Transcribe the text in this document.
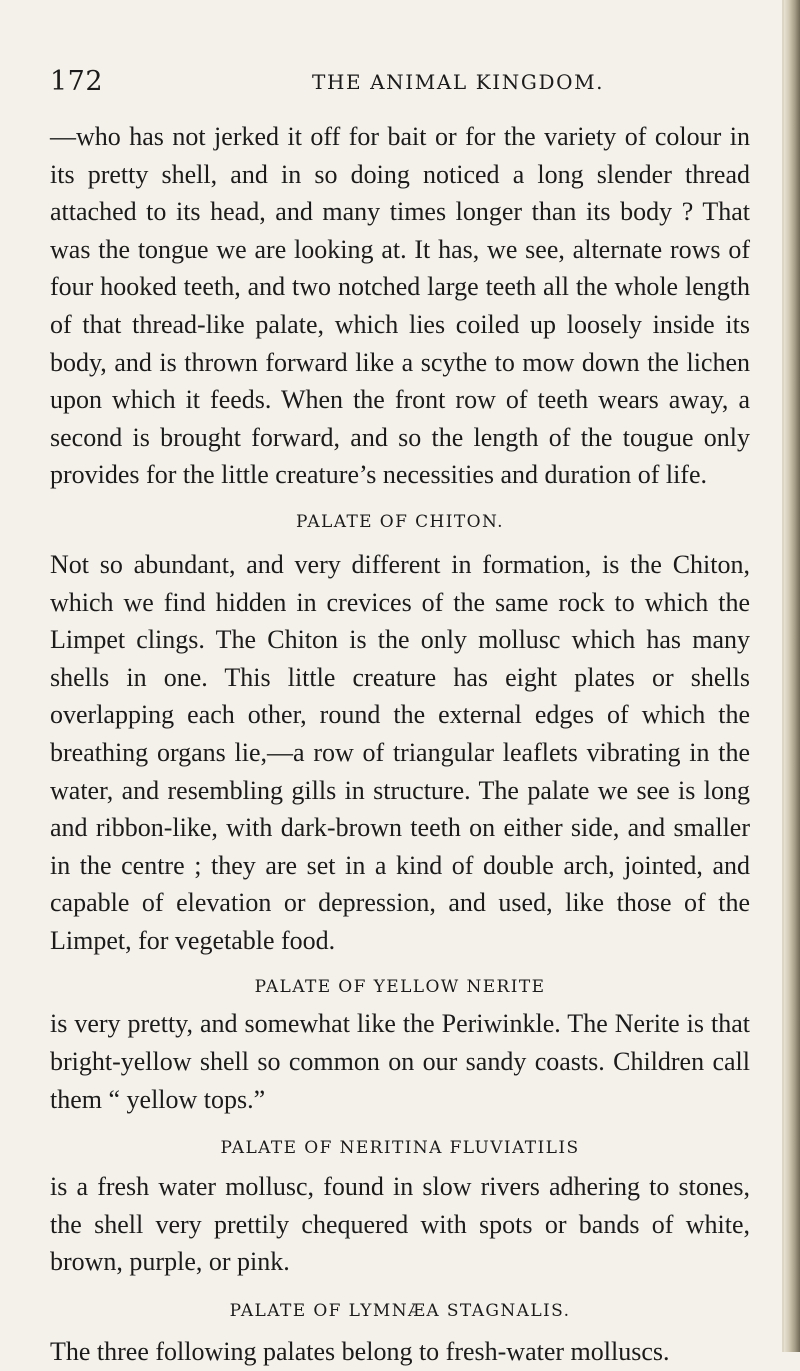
172	THE ANIMAL KINGDOM.

—who has not jerked it off for bait or for the variety of colour in its pretty shell, and in so doing noticed a long slender thread attached to its head, and many times longer than its body ? That was the tongue we are looking at. It has, we see, alternate rows of four hooked teeth, and two notched large teeth all the whole length of that thread-like palate, which lies coiled up loosely inside its body, and is thrown forward like a scythe to mow down the lichen upon which it feeds. When the front row of teeth wears away, a second is brought forward, and so the length of the tougue only provides for the little creature’s necessities and duration of life.

PALATE OF CHITON.

Not so abundant, and very different in formation, is the Chiton, which we find hidden in crevices of the same rock to which the Limpet clings. The Chiton is the only mollusc which has many shells in one. This little creature has eight plates or shells overlapping each other, round the external edges of which the breathing organs lie,—a row of triangular leaflets vibrating in the water, and resembling gills in structure. The palate we see is long and ribbon-like, with dark-brown teeth on either side, and smaller in the centre ; they are set in a kind of double arch, jointed, and capable of elevation or depression, and used, like those of the Limpet, for vegetable food.

PALATE OF YELLOW NERITE

is very pretty, and somewhat like the Periwinkle. The Nerite is that bright-yellow shell so common on our sandy coasts. Children call them “ yellow tops.”

PALATE OF NERITINA FLUVIATILIS

is a fresh water mollusc, found in slow rivers adhering to stones, the shell very prettily chequered with spots or bands of white, brown, purple, or pink.

PALATE OF LYMNÆA STAGNALIS.

The three following palates belong to fresh-water molluscs.
